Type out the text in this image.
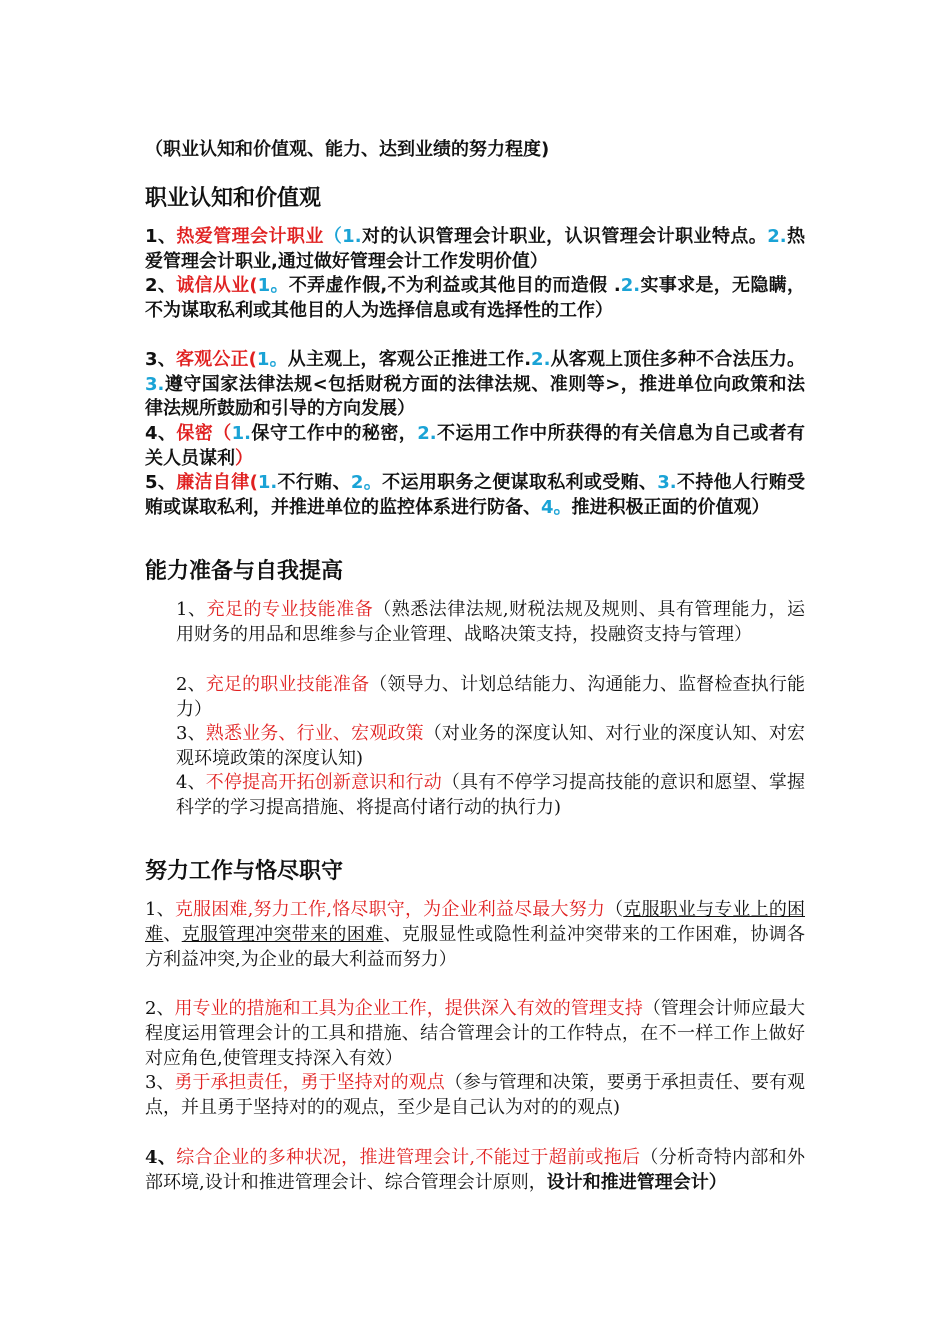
（职业认知和价值观、能力、达到业绩的努力程度)
职业认知和价值观
1、热爱管理会计职业（1.对的认识管理会计职业，认识管理会计职业特点。2.热爱管理会计职业,通过做好管理会计工作发明价值）
2、诚信从业(1。不弄虚作假,不为利益或其他目的而造假 .2.实事求是，无隐瞒，不为谋取私利或其他目的人为选择信息或有选择性的工作）
3、客观公正(1。从主观上，客观公正推进工作.2.从客观上顶住多种不合法压力。3.遵守国家法律法规<包括财税方面的法律法规、准则等>，推进单位向政策和法律法规所鼓励和引导的方向发展）
4、保密（1.保守工作中的秘密，2.不运用工作中所获得的有关信息为自己或者有关人员谋利）
5、廉洁自律(1.不行贿、2。不运用职务之便谋取私利或受贿、3.不持他人行贿受贿或谋取私利，并推进单位的监控体系进行防备、4。推进积极正面的价值观）
能力准备与自我提高
1、充足的专业技能准备（熟悉法律法规,财税法规及规则、具有管理能力，运用财务的用品和思维参与企业管理、战略决策支持，投融资支持与管理）
2、充足的职业技能准备（领导力、计划总结能力、沟通能力、监督检查执行能力）
3、熟悉业务、行业、宏观政策（对业务的深度认知、对行业的深度认知、对宏观环境政策的深度认知)
4、不停提高开拓创新意识和行动（具有不停学习提高技能的意识和愿望、掌握科学的学习提高措施、将提高付诸行动的执行力)
努力工作与恪尽职守
1、克服困难,努力工作,恪尽职守，为企业利益尽最大努力（克服职业与专业上的困难、克服管理冲突带来的困难、克服显性或隐性利益冲突带来的工作困难，协调各方利益冲突,为企业的最大利益而努力）
2、用专业的措施和工具为企业工作，提供深入有效的管理支持（管理会计师应最大程度运用管理会计的工具和措施、结合管理会计的工作特点，在不一样工作上做好对应角色,使管理支持深入有效）
3、勇于承担责任，勇于坚持对的观点（参与管理和决策，要勇于承担责任、要有观点，并且勇于坚持对的的观点，至少是自己认为对的的观点)
4、综合企业的多种状况，推进管理会计,不能过于超前或拖后（分析奇特内部和外部环境,设计和推进管理会计、综合管理会计原则，设计和推进管理会计）
